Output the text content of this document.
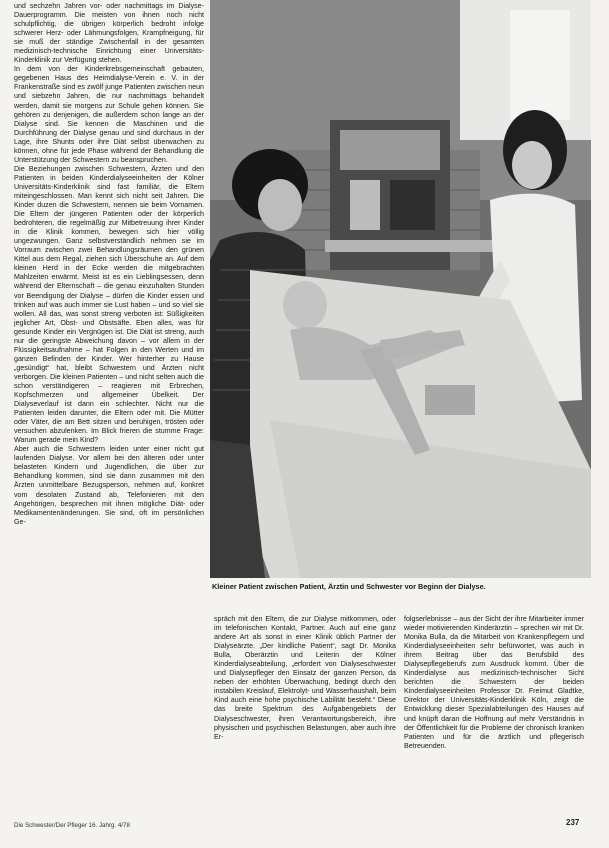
und sechzehn Jahren vor- oder nachmittags im Dialyse-Dauerprogramm. Die meisten von ihnen noch nicht schulpflichtig, die übrigen körperlich bedroht infolge schwerer Herz- oder Lähmungsfolgen, Krampfneigung, für sie muß der ständige Zwischenfall in der gesamten medizinisch-technische Einrichtung einer Universitäts-Kinderklinik zur Verfügung stehen.

In dem von der Kinderkrebsgemeinschaft gebauten, gegebenen Haus des Heimdialyse-Verein e. V. in der Frankenstraße sind es zwölf junge Patienten zwischen neun und siebzehn Jahren, die nur nachmittags behandelt werden, damit sie morgens zur Schule gehen können. Sie gehören zu denjenigen, die außerdem schon lange an der Dialyse sind. Sie kennen die Maschinen und die Durchführung der Dialyse genau und sind durchaus in der Lage, ihre Shunts oder ihre Diät selbst überwachen zu können, ohne für jede Phase während der Behandlung die Unterstützung der Schwestern zu beanspruchen.

Die Beziehungen zwischen Schwestern, Ärzten und den Patienten in beiden Kinderdialyseeinheiten der Kölner Universitäts-Kinderklinik sind fast familiär, die Eltern miteingeschlossen. Man kennt sich nicht seit Jahren. Die Kinder duzen die Schwestern, nennen sie beim Vornamen. Die Eltern der jüngeren Patienten oder der körperlich bedrohteren, die regelmäßig zur Mitbetreuung ihrer Kinder in die Klinik kommen, bewegen sich hier völlig ungezwungen. Ganz selbstverständlich nehmen sie im Vorraum zwischen zwei Behandlungsräumen den grünen Kittel aus dem Regal, ziehen sich Überschuhe an. Auf dem kleinen Herd in der Ecke werden die mitgebrachten Mahlzeiten erwärmt. Meist ist es ein Lieblingsessen, denn während der Elternschaft – die genau einzuhalten Stunden vor Beendigung der Dialyse – dürfen die Kinder essen und trinken auf was auch immer sie Lust haben – und so viel sie wollen. All das, was sonst streng verboten ist: Süßigkeiten jeglicher Art, Obst- und Obstsäfte. Eben alles, was für gesunde Kinder ein Vergnügen ist. Die Diät ist streng, auch nur die geringste Abweichung davon – vor allem in der Flüssigkeitsaufnahme – hat Folgen in den Werten und im ganzen Befinden der Kinder. Wer hinterher zu Hause „gesündigt“ hat, bleibt Schwestern und Ärzten nicht verborgen. Die kleinen Patienten – und nicht selten auch die schon verständigeren – reagieren mit Erbrechen, Kopfschmerzen und allgemeiner Übelkeit. Der Dialyseverlauf ist dann ein schlechter. Nicht nur die Patienten leiden darunter, die Eltern oder mit. Die Mütter oder Väter, die am Bett sitzen und beruhigen, trösten oder versuchen abzulenken. Im Blick frieren die stumme Frage: Warum gerade mein Kind?

Aber auch die Schwestern leiden unter einer nicht gut laufenden Dialyse. Vor allem bei den älteren oder unter belasteten Kindern und Jugendlichen, die über zur Behandlung kommen, sind sie dann zusammen mit den Ärzten unmittelbare Bezugsperson, nehmen auf, konkret vom desolaten Zustand ab, Telefonieren mit den Angehörigen, besprechen mit ihnen mögliche Diät- oder Medikamentenänderungen. Sie sind, oft im persönlichen Ge-

Kleiner Patient zwischen Patient, Ärztin und Schwester vor Beginn der Dialyse.

spräch mit den Eltern, die zur Dialyse mitkommen, oder im telefonischen Kontakt, Partner. Auch auf eine ganz andere Art als sonst in einer Klinik üblich Partner der Dialyseärzte. „Der kindliche Patient“, sagt Dr. Monika Bulla, Oberärztin und Leiterin der Kölner Kinderdialyseabteilung, „erfordert von Dialyseschwester und Dialysepfleger den Einsatz der ganzen Person, da neben der erhöhten Überwachung, bedingt durch den instabilen Kreislauf, Elektrolyt- und Wasserhaushalt, beim Kind auch eine hohe psychische Labilität besteht.“ Diese das breite Spektrum des Aufgabengebiets der Dialyseschwester, ihren Verantwortungsbereich, ihre physischen und psychischen Belastungen, aber auch ihre Er-

folgserlebnisse – aus der Sicht der ihre Mitarbeiter immer wieder motivierenden Kinderärztin – sprechen wir mit Dr. Monika Bulla, da die Mitarbeit von Krankenpflegern und Kinderdialyseeinheiten sehr befürwortet, was auch in ihrem Beitrag über das Berufsbild des Dialysepflegeberufs zum Ausdruck kommt. Über die Kinderdialyse aus medizinisch-technischer Sicht berichten die Schwestern der beiden Kinderdialyseeinheiten Professor Dr. Freimut Gladtke, Direktor der Universitäts-Kinderklinik Köln, zeigt die Entwicklung dieser Spezialabteilungen des Hauses auf und knüpft daran die Hoffnung auf mehr Verständnis in der Öffentlichkeit für die Probleme der chronisch kranken Patienten und für die ärztlich und pflegerisch Betreuenden.

Die Schwester/Der Pfleger 16. Jahrg. 4/78	237
